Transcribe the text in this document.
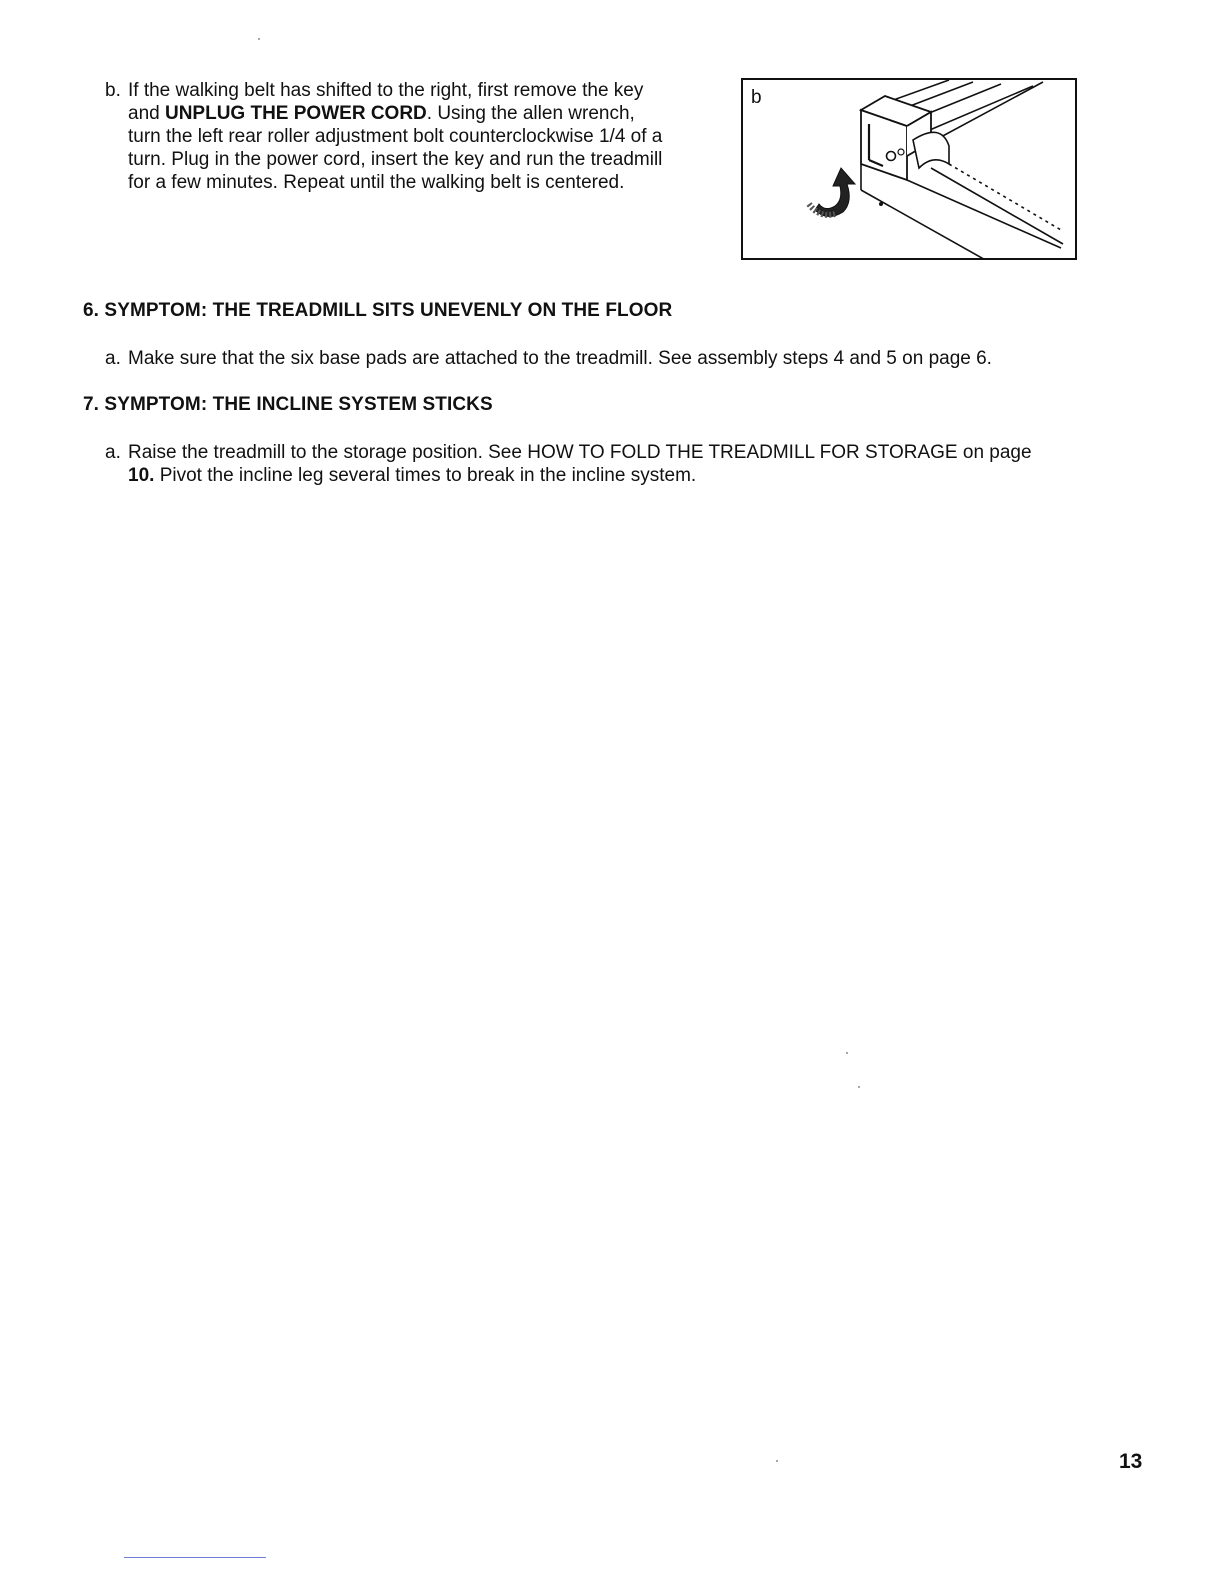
b. If the walking belt has shifted to the right, first remove the key
and UNPLUG THE POWER CORD. Using the allen wrench,
turn the left rear roller adjustment bolt counterclockwise 1/4 of a
turn. Plug in the power cord, insert the key and run the treadmill
for a few minutes. Repeat until the walking belt is centered.
b
6. SYMPTOM: THE TREADMILL SITS UNEVENLY ON THE FLOOR
a. Make sure that the six base pads are attached to the treadmill. See assembly steps 4 and 5 on page 6.
7. SYMPTOM: THE INCLINE SYSTEM STICKS
a. Raise the treadmill to the storage position. See HOW TO FOLD THE TREADMILL FOR STORAGE on page
10. Pivot the incline leg several times to break in the incline system.
13
